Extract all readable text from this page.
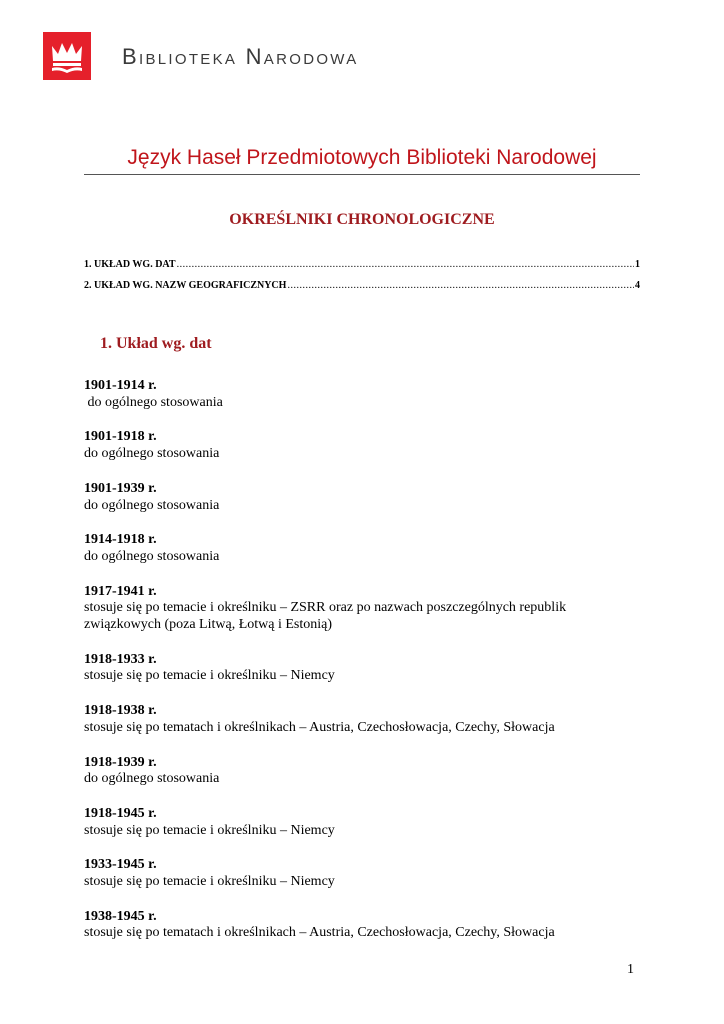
Biblioteka Narodowa
Język Haseł Przedmiotowych Biblioteki Narodowej
OKREŚLNIKI CHRONOLOGICZNE
1. UKŁAD WG. DAT .....	1
2. UKŁAD WG. NAZW GEOGRAFICZNYCH .....	4
1. Układ wg. dat
1901-1914 r.
do ogólnego stosowania
1901-1918 r.
do ogólnego stosowania
1901-1939 r.
do ogólnego stosowania
1914-1918 r.
do ogólnego stosowania
1917-1941 r.
stosuje się po temacie i określniku – ZSRR oraz po nazwach poszczególnych republik związkowych (poza Litwą, Łotwą i Estonią)
1918-1933 r.
stosuje się po temacie i określniku – Niemcy
1918-1938 r.
stosuje się po tematach i określnikach – Austria, Czechosłowacja, Czechy, Słowacja
1918-1939 r.
do ogólnego stosowania
1918-1945 r.
stosuje się po temacie i określniku – Niemcy
1933-1945 r.
stosuje się po temacie i określniku – Niemcy
1938-1945 r.
stosuje się po tematach i określnikach – Austria, Czechosłowacja, Czechy, Słowacja
1
